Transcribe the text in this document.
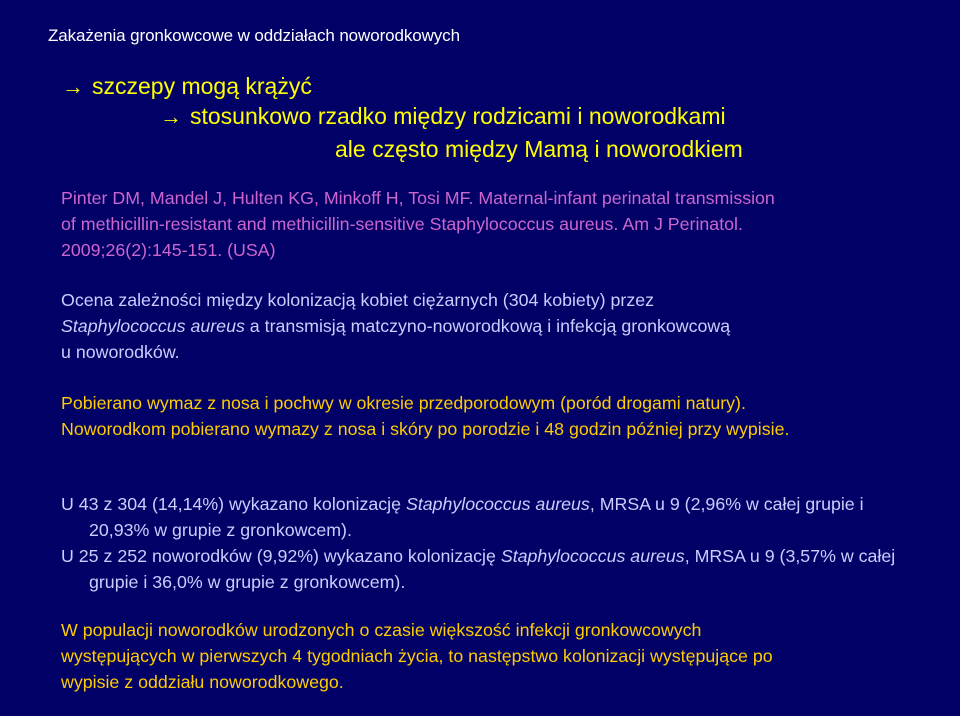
Zakażenia gronkowcowe w oddziałach noworodkowych
→ szczepy mogą krążyć
→ stosunkowo rzadko między rodzicami i noworodkami
ale często między Mamą i noworodkiem
Pinter DM, Mandel J, Hulten KG, Minkoff H, Tosi MF. Maternal-infant perinatal transmission
of methicillin-resistant and methicillin-sensitive Staphylococcus aureus. Am J Perinatol.
2009;26(2):145-151. (USA)
Ocena zależności między kolonizacją kobiet ciężarnych (304 kobiety) przez
Staphylococcus aureus a transmisją matczyno-noworodkową i infekcją gronkowcową
u noworodków.

Pobierano wymaz z nosa i pochwy w okresie przedporodowym (poród drogami natury).

Noworodkom pobierano wymazy z nosa i skóry po porodzie i 48 godzin później przy wypisie.

U 43 z 304 (14,14%) wykazano kolonizację Staphylococcus aureus, MRSA u 9 (2,96% w całej grupie i 20,93% w grupie z gronkowcem).

U 25 z 252 noworodków (9,92%) wykazano kolonizację Staphylococcus aureus, MRSA u 9 (3,57% w całej grupie i 36,0% w grupie z gronkowcem).

W populacji noworodków urodzonych o czasie większość infekcji gronkowcowych
występujących w pierwszych 4 tygodniach życia, to następstwo kolonizacji występujące po
wypisie z oddziału noworodkowego.
